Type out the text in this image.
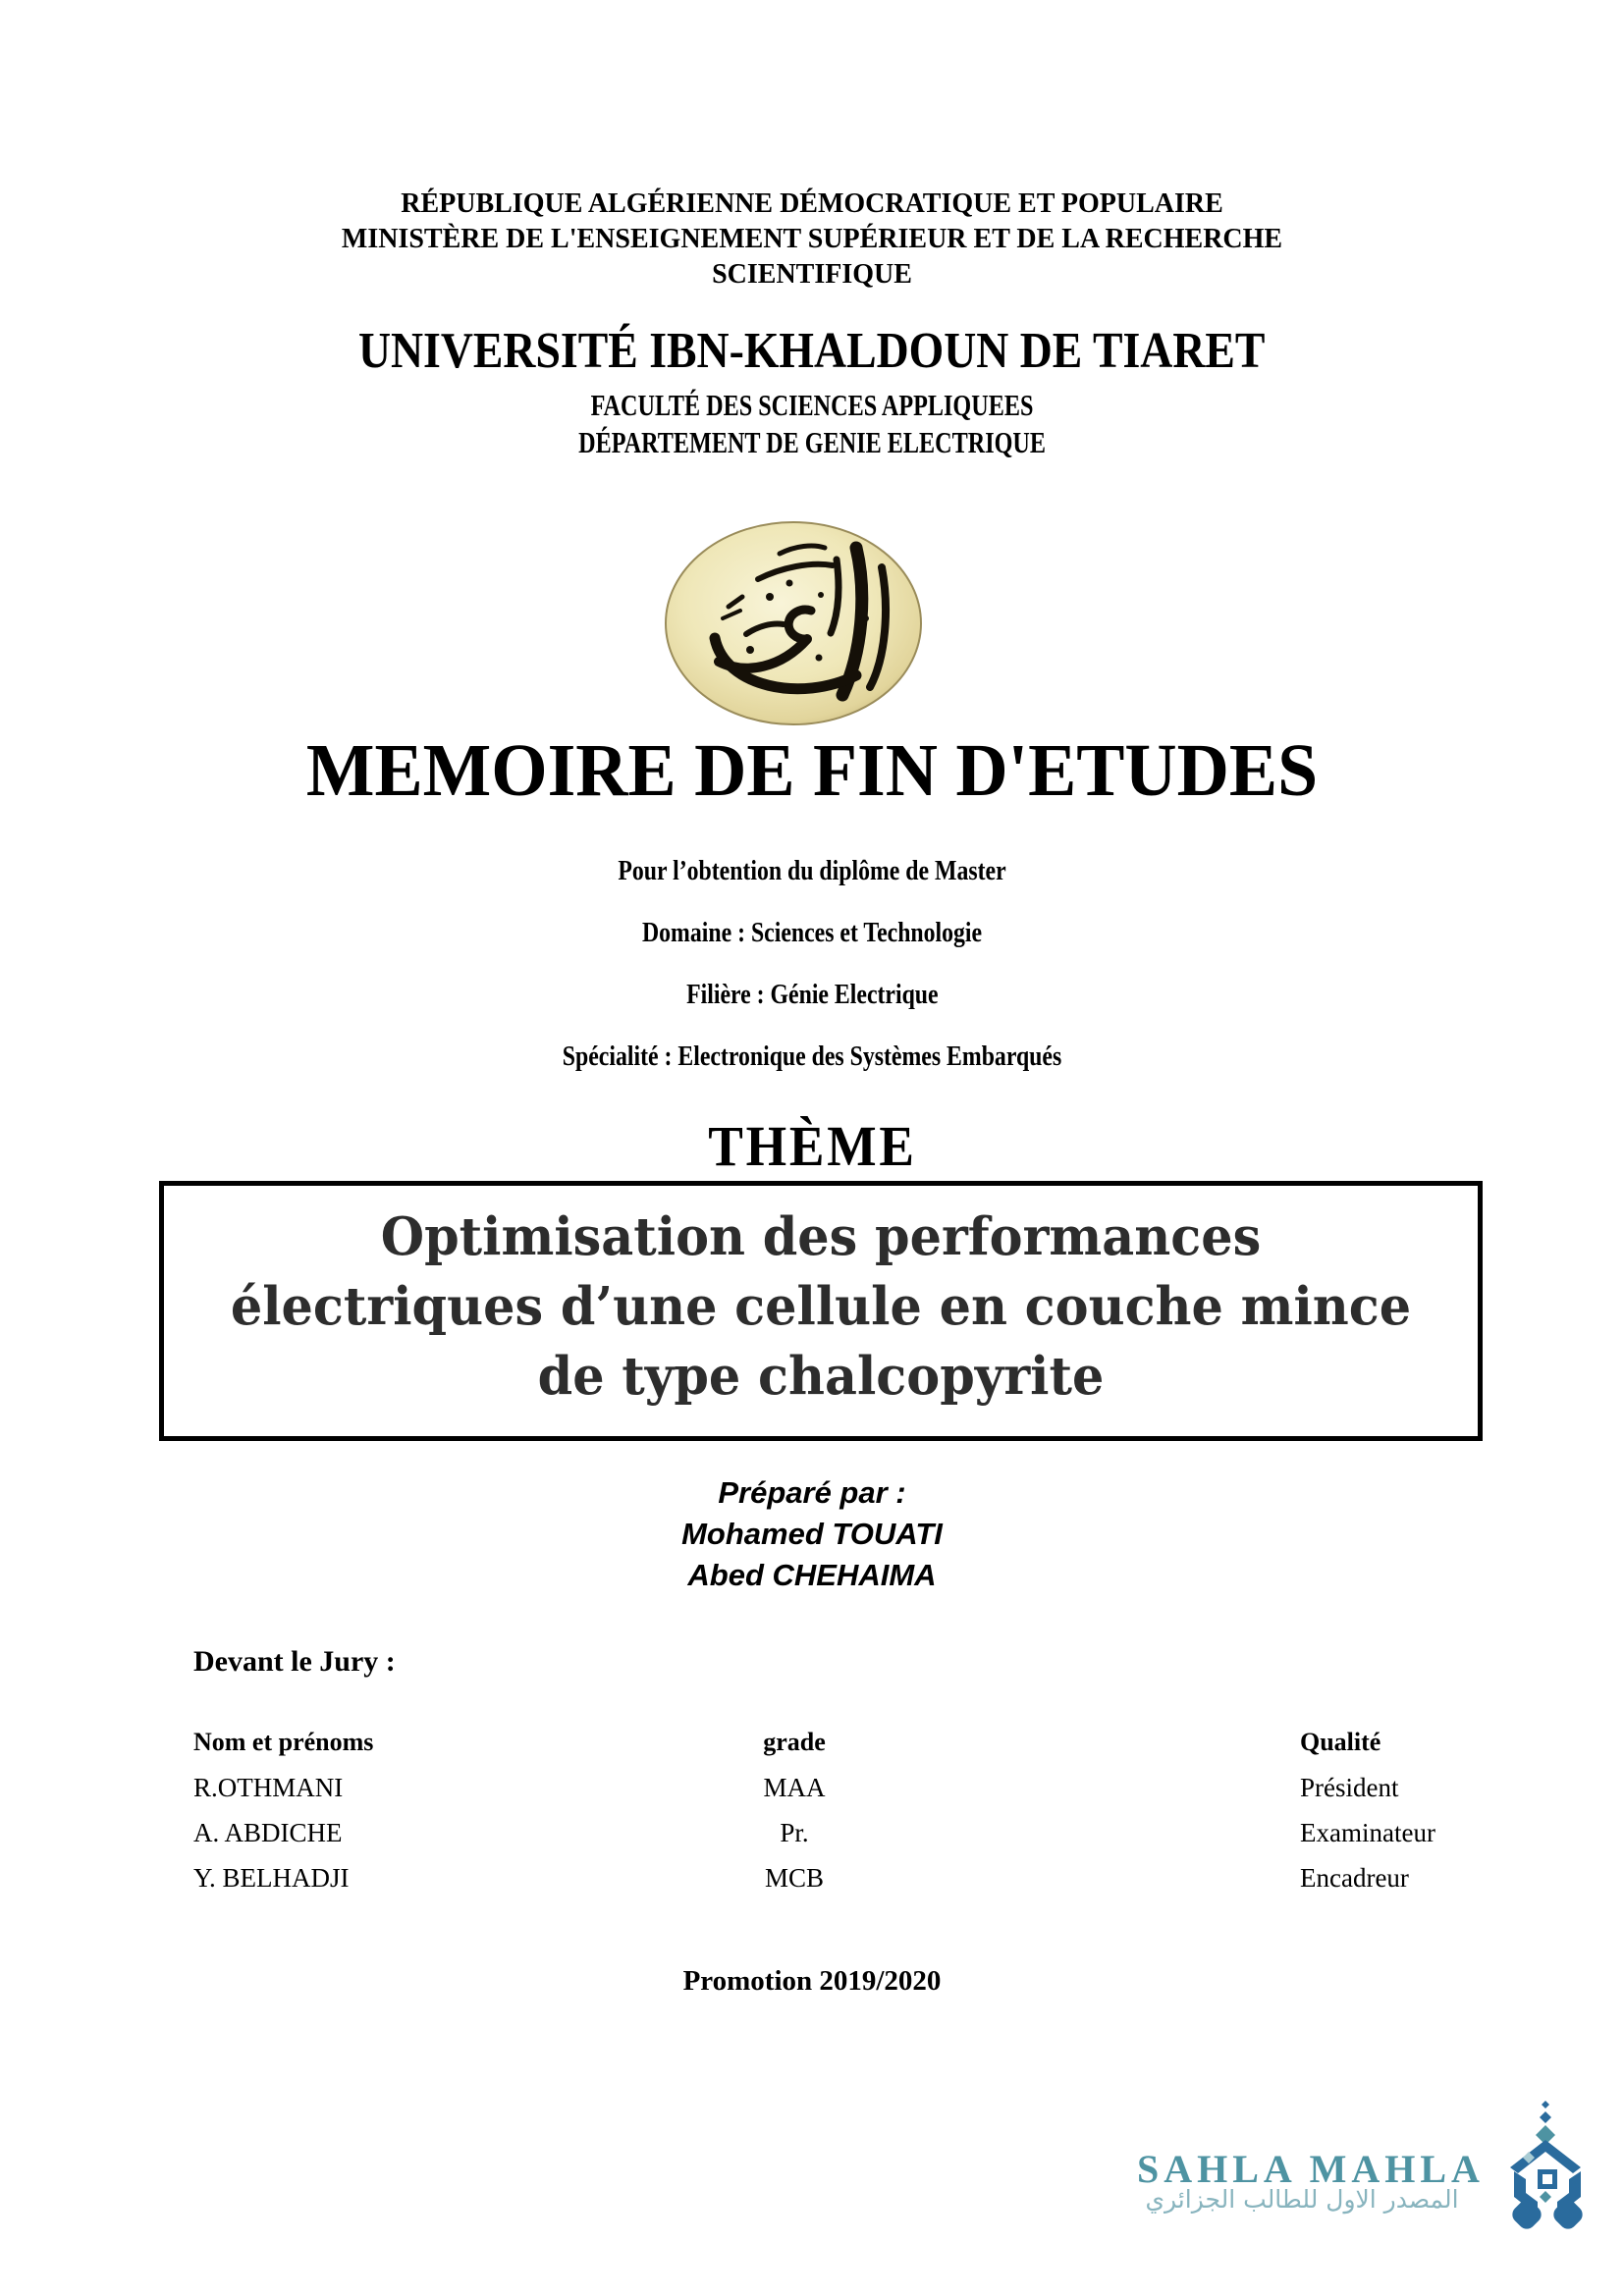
RÉPUBLIQUE ALGÉRIENNE DÉMOCRATIQUE ET POPULAIRE
MINISTÈRE DE L'ENSEIGNEMENT SUPÉRIEUR ET DE LA RECHERCHE
SCIENTIFIQUE
UNIVERSITÉ IBN-KHALDOUN DE TIARET
FACULTÉ DES SCIENCES APPLIQUEES
DÉPARTEMENT DE GENIE ELECTRIQUE
MEMOIRE DE FIN D'ETUDES
Pour l’obtention du diplôme de Master
Domaine : Sciences et Technologie
Filière : Génie Electrique
Spécialité : Electronique des Systèmes Embarqués
THÈME
Optimisation des performances
électriques d’une cellule en couche mince
de type chalcopyrite
Préparé par :
Mohamed TOUATI
Abed CHEHAIMA
Devant le Jury :
Nom et prénoms	grade	Qualité
R.OTHMANI	MAA	Président
A. ABDICHE	Pr.	Examinateur
Y. BELHADJI	MCB	Encadreur
Promotion 2019/2020
SAHLA MAHLA
المصدر الاول للطالب الجزائري
